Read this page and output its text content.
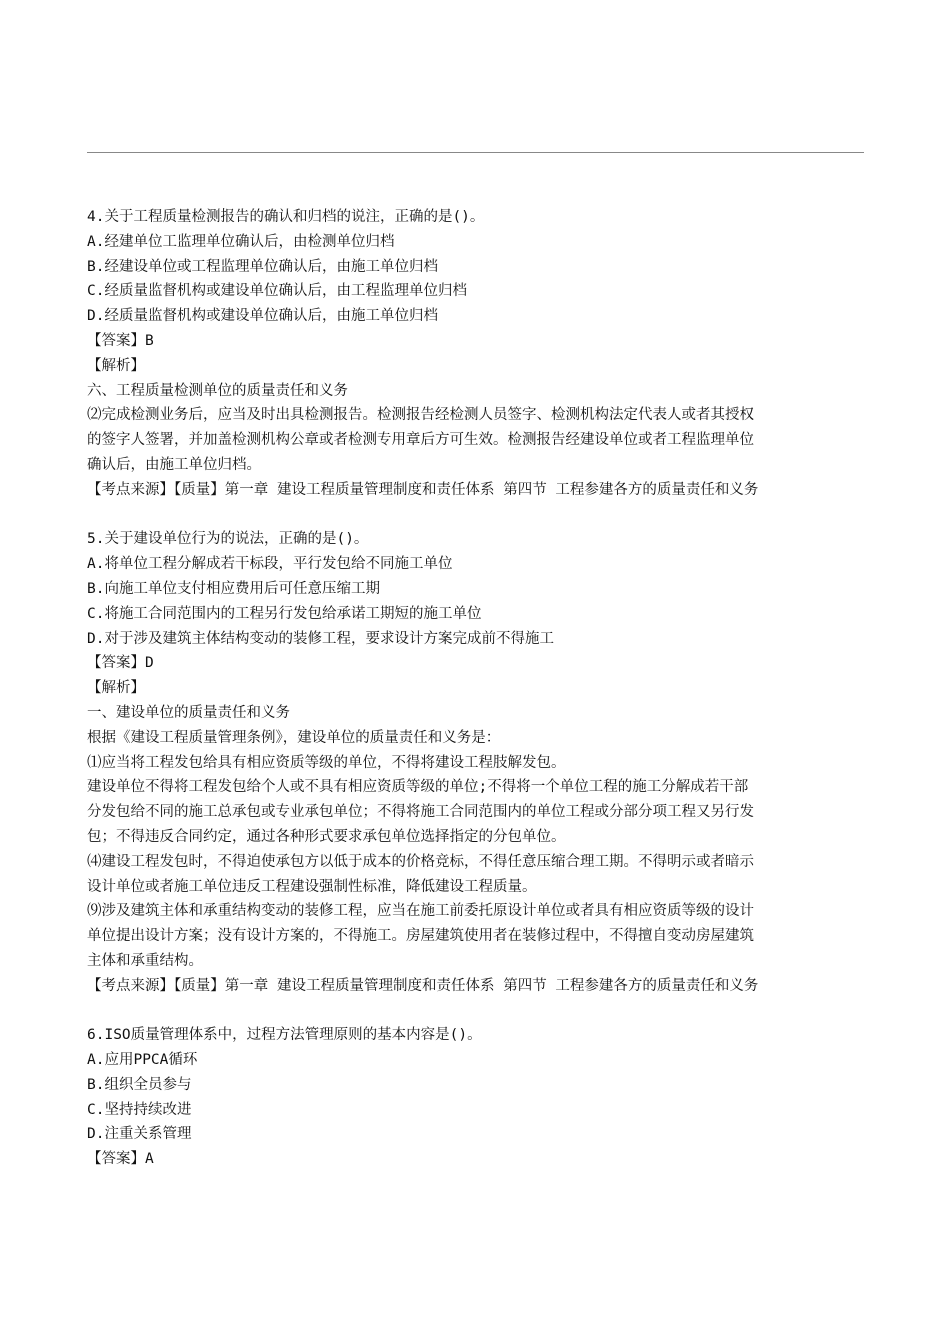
4.关于工程质量检测报告的确认和归档的说注，正确的是()。
A.经建单位工监理单位确认后，由检测单位归档
B.经建设单位或工程监理单位确认后，由施工单位归档
C.经质量监督机构或建设单位确认后，由工程监理单位归档
D.经质量监督机构或建设单位确认后，由施工单位归档
【答案】B
【解析】
六、工程质量检测单位的质量责任和义务
⑵完成检测业务后，应当及时出具检测报告。检测报告经检测人员签字、检测机构法定代表人或者其授权
的签字人签署，并加盖检测机构公章或者检测专用章后方可生效。检测报告经建设单位或者工程监理单位
确认后，由施工单位归档。
【考点来源】【质量】第一章 建设工程质量管理制度和责任体系 第四节 工程参建各方的质量责任和义务
5.关于建设单位行为的说法，正确的是()。
A.将单位工程分解成若干标段，平行发包给不同施工单位
B.向施工单位支付相应费用后可任意压缩工期
C.将施工合同范围内的工程另行发包给承诺工期短的施工单位
D.对于涉及建筑主体结构变动的装修工程，要求设计方案完成前不得施工
【答案】D
【解析】
一、建设单位的质量责任和义务
根据《建设工程质量管理条例》，建设单位的质量责任和义务是：
⑴应当将工程发包给具有相应资质等级的单位，不得将建设工程肢解发包。
建设单位不得将工程发包给个人或不具有相应资质等级的单位;不得将一个单位工程的施工分解成若干部
分发包给不同的施工总承包或专业承包单位；不得将施工合同范围内的单位工程或分部分项工程又另行发
包；不得违反合同约定，通过各种形式要求承包单位选择指定的分包单位。
⑷建设工程发包时，不得迫使承包方以低于成本的价格竞标，不得任意压缩合理工期。不得明示或者暗示
设计单位或者施工单位违反工程建设强制性标准，降低建设工程质量。
⑼涉及建筑主体和承重结构变动的装修工程，应当在施工前委托原设计单位或者具有相应资质等级的设计
单位提出设计方案；没有设计方案的，不得施工。房屋建筑使用者在装修过程中，不得擅自变动房屋建筑
主体和承重结构。
【考点来源】【质量】第一章 建设工程质量管理制度和责任体系 第四节 工程参建各方的质量责任和义务
6.ISO质量管理体系中，过程方法管理原则的基本内容是()。
A.应用PPCA循环
B.组织全员参与
C.坚持持续改进
D.注重关系管理
【答案】A
